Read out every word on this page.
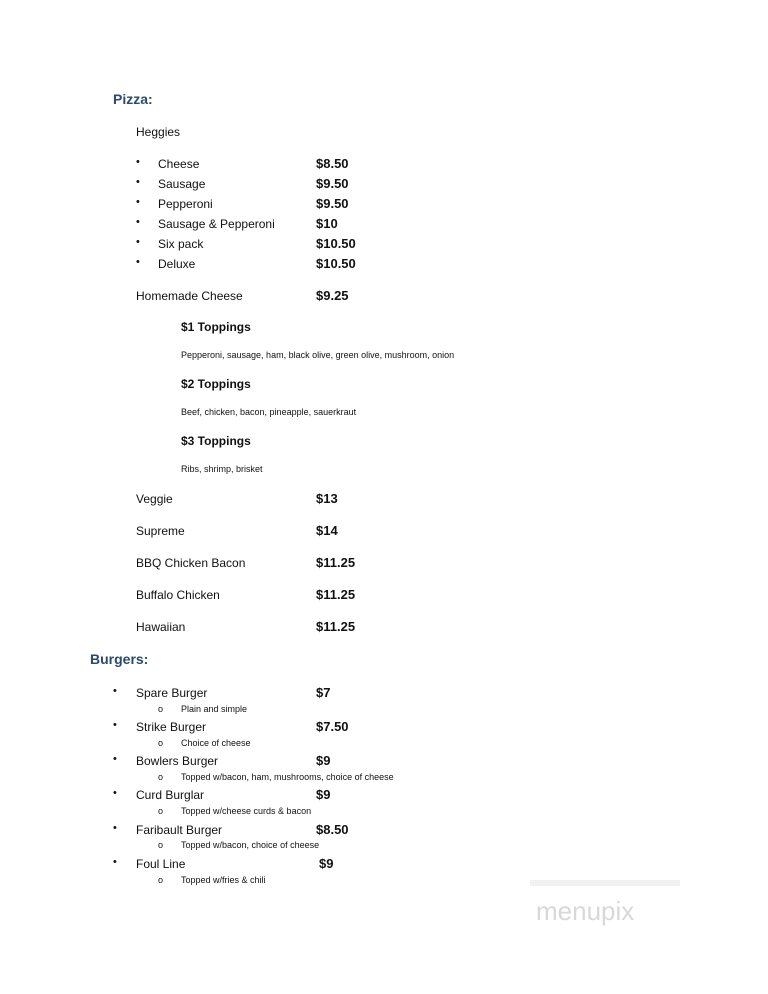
Pizza:
Heggies
• Cheese	$8.50
• Sausage	$9.50
• Pepperoni	$9.50
• Sausage & Pepperoni	$10
• Six pack	$10.50
• Deluxe	$10.50
Homemade Cheese	$9.25
$1 Toppings
Pepperoni, sausage, ham, black olive, green olive, mushroom, onion
$2 Toppings
Beef, chicken, bacon, pineapple, sauerkraut
$3 Toppings
Ribs, shrimp, brisket
Veggie	$13
Supreme	$14
BBQ Chicken Bacon	$11.25
Buffalo Chicken	$11.25
Hawaiian	$11.25
Burgers:
• Spare Burger	$7
o Plain and simple
• Strike Burger	$7.50
o Choice of cheese
• Bowlers Burger	$9
o Topped w/bacon, ham, mushrooms, choice of cheese
• Curd Burglar	$9
o Topped w/cheese curds & bacon
• Faribault Burger	$8.50
o Topped w/bacon, choice of cheese
• Foul Line	$9
o Topped w/fries & chili
menupix
